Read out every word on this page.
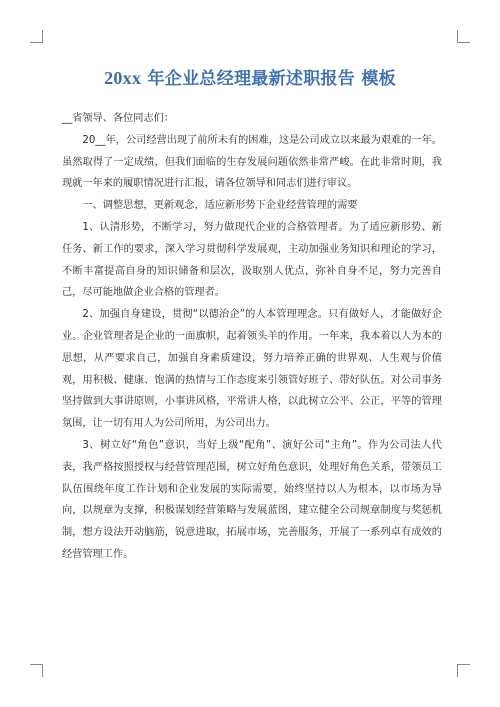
20xx 年企业总经理最新述职报告 模板

__省领导、各位同志们：

20__年，公司经营出现了前所未有的困难，这是公司成立以来最为艰难的一年。虽然取得了一定成绩，但我们面临的生存发展问题依然非常严峻。在此非常时期，我现就一年来的履职情况进行汇报，请各位领导和同志们进行审议。

一、调整思想，更新观念，适应新形势下企业经营管理的需要

1、认清形势，不断学习，努力做现代企业的合格管理者。为了适应新形势、新任务、新工作的要求，深入学习贯彻科学发展观，主动加强业务知识和理论的学习，不断丰富提高自身的知识储备和层次，汲取别人优点，弥补自身不足，努力完善自己，尽可能地做企业合格的管理者。

2、加强自身建设，贯彻“以德治企”的人本管理理念。只有做好人，才能做好企业。企业管理者是企业的一面旗帜，起着领头羊的作用。一年来，我本着以人为本的思想，从严要求自己，加强自身素质建设，努力培养正确的世界观、人生观与价值观，用积极、健康、饱满的热情与工作态度来引领管好班子、带好队伍。对公司事务坚持做到大事讲原则，小事讲风格，平常讲人格，以此树立公平、公正，平等的管理氛围，让一切有用人为公司所用，为公司出力。

3、树立好“角色”意识，当好上级“配角”、演好公司“主角”。作为公司法人代表，我严格按照授权与经营管理范围，树立好角色意识，处理好角色关系，带领员工队伍围绕年度工作计划和企业发展的实际需要，始终坚持以人为根本，以市场为导向，以规章为支撑，积极谋划经营策略与发展蓝图，建立健全公司规章制度与奖惩机制，想方设法开动脑筋，锐意进取，拓展市场，完善服务，开展了一系列卓有成效的经营管理工作。
